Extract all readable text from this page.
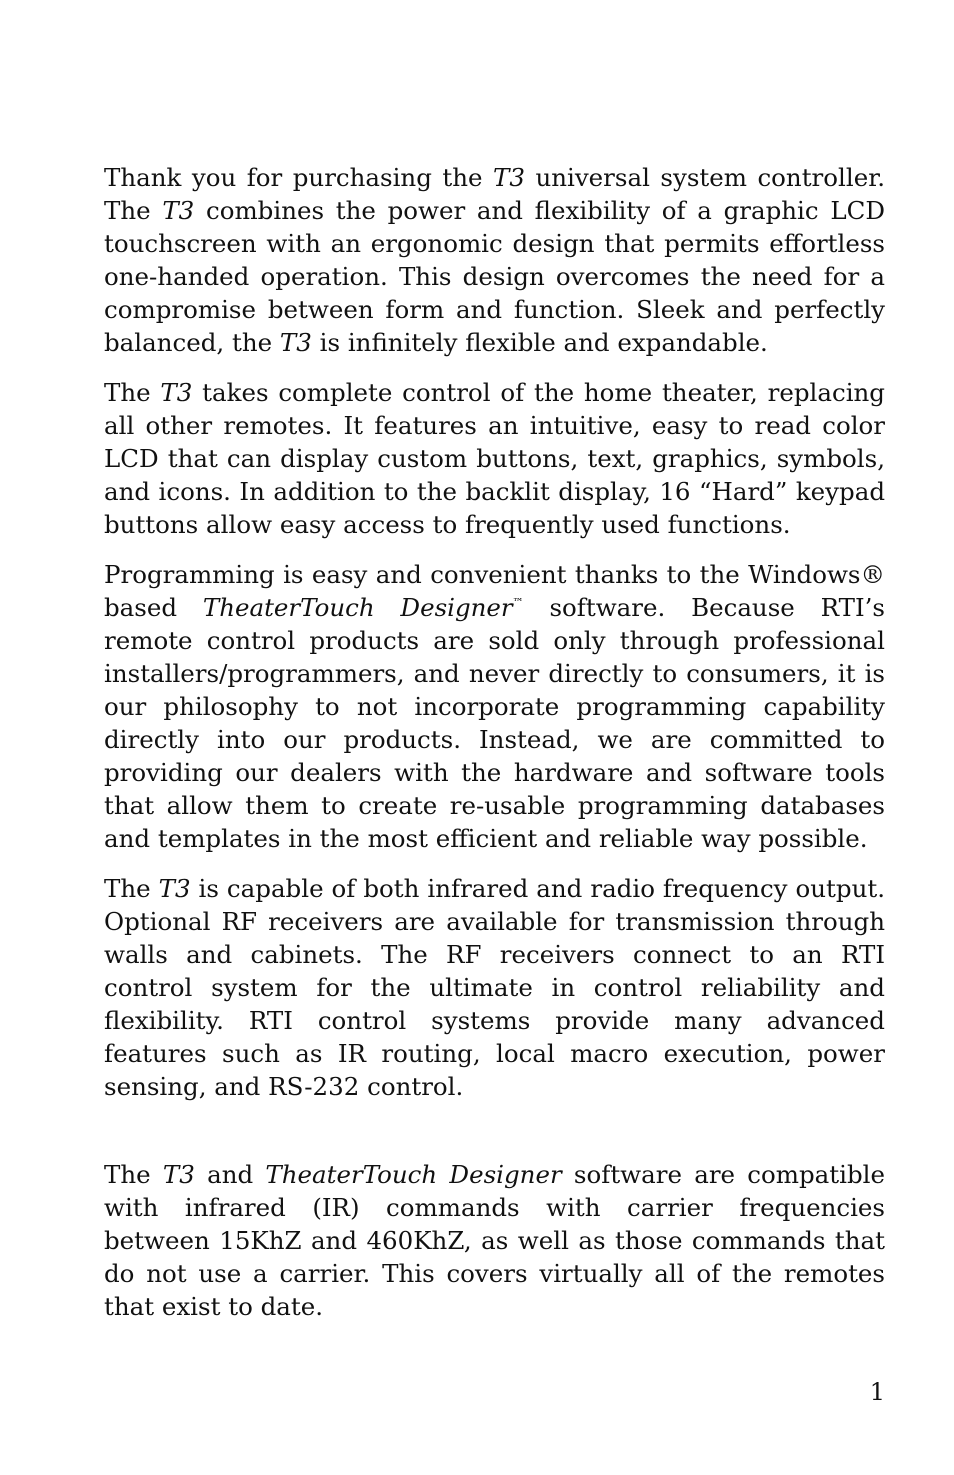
Thank you for purchasing the T3 universal system controller. The T3 combines the power and flexibility of a graphic LCD touchscreen with an ergonomic design that permits effortless one-handed operation. This design overcomes the need for a compromise between form and function. Sleek and perfectly balanced, the T3 is infinitely flexible and expandable.

The T3 takes complete control of the home theater, replacing all other remotes. It features an intuitive, easy to read color LCD that can display custom buttons, text, graphics, symbols, and icons. In addition to the backlit display, 16 “Hard” keypad buttons allow easy access to frequently used functions.

Programming is easy and convenient thanks to the Windows® based TheaterTouch Designer™ software. Because RTI’s remote control products are sold only through professional installers/programmers, and never directly to consumers, it is our philosophy to not incorporate programming capability directly into our products. Instead, we are committed to providing our dealers with the hardware and software tools that allow them to create re-usable programming databases and templates in the most efficient and reliable way possible.

The T3 is capable of both infrared and radio frequency output. Optional RF receivers are available for transmission through walls and cabinets. The RF receivers connect to an RTI control system for the ultimate in control reliability and flexibility. RTI control systems provide many advanced features such as IR routing, local macro execution, power sensing, and RS-232 control.

The T3 and TheaterTouch Designer software are compatible with infrared (IR) commands with carrier frequencies between 15KhZ and 460KhZ, as well as those commands that do not use a carrier. This covers virtually all of the remotes that exist to date.

1
